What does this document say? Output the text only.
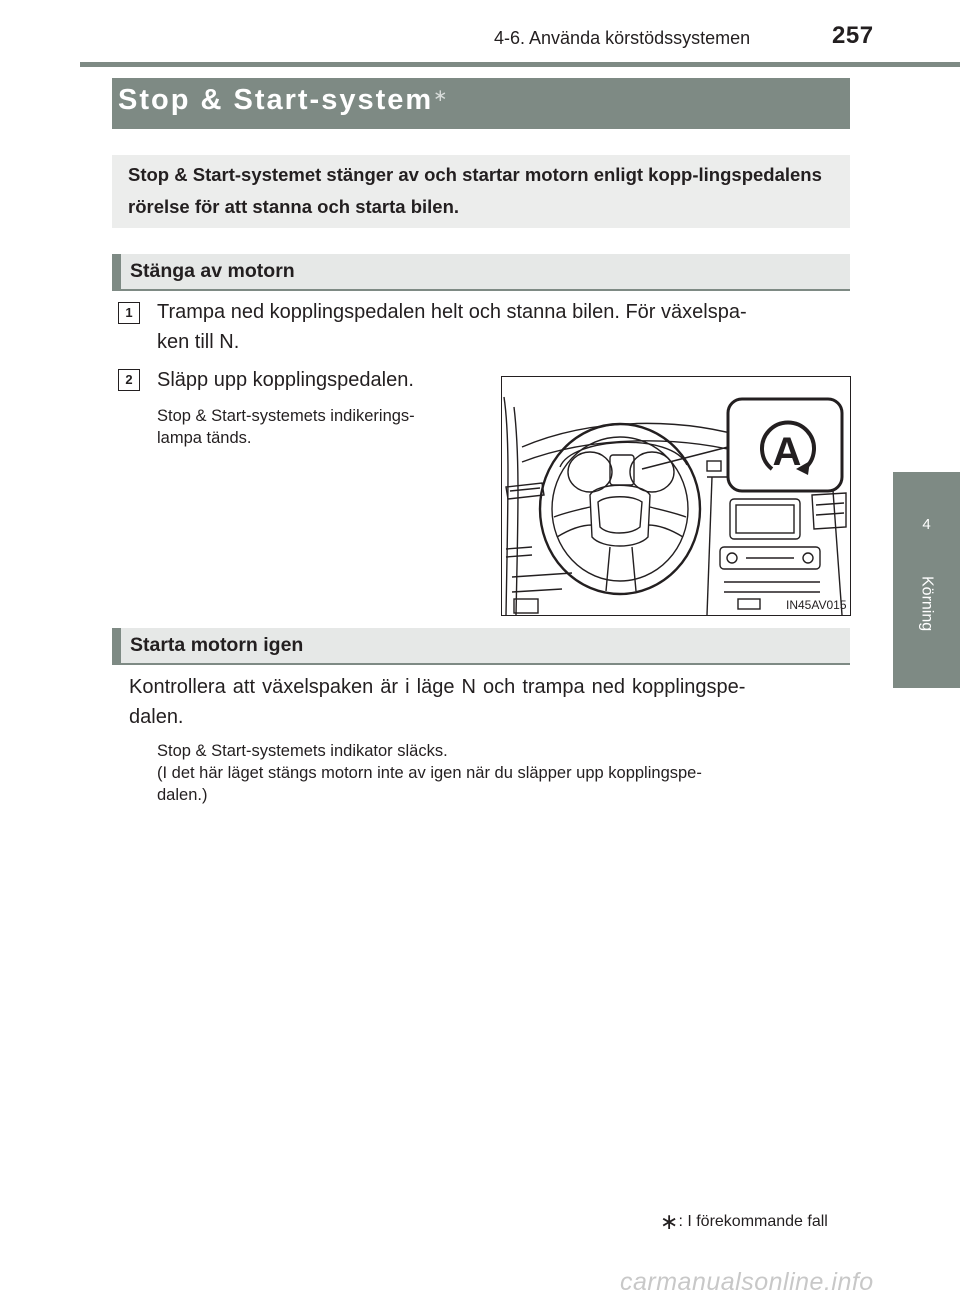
4-6. Använda körstödssystemen	257
4
Körning
Stop & Start-system∗
Stop & Start-systemet stänger av och startar motorn enligt kopp-lingspedalens rörelse för att stanna och starta bilen.
Stänga av motorn
1	Trampa ned kopplingspedalen helt och stanna bilen. För växelspa-
ken till N.
2	Släpp upp kopplingspedalen.
Stop & Start-systemets indikerings-
lampa tänds.	A
IN45AV015
Starta motorn igen
Kontrollera att växelspaken är i läge N och trampa ned kopplingspe-
dalen.
Stop & Start-systemets indikator släcks.
(I det här läget stängs motorn inte av igen när du släpper upp kopplingspe-
dalen.)
∗: I förekommande fall
carmanualsonline.info
